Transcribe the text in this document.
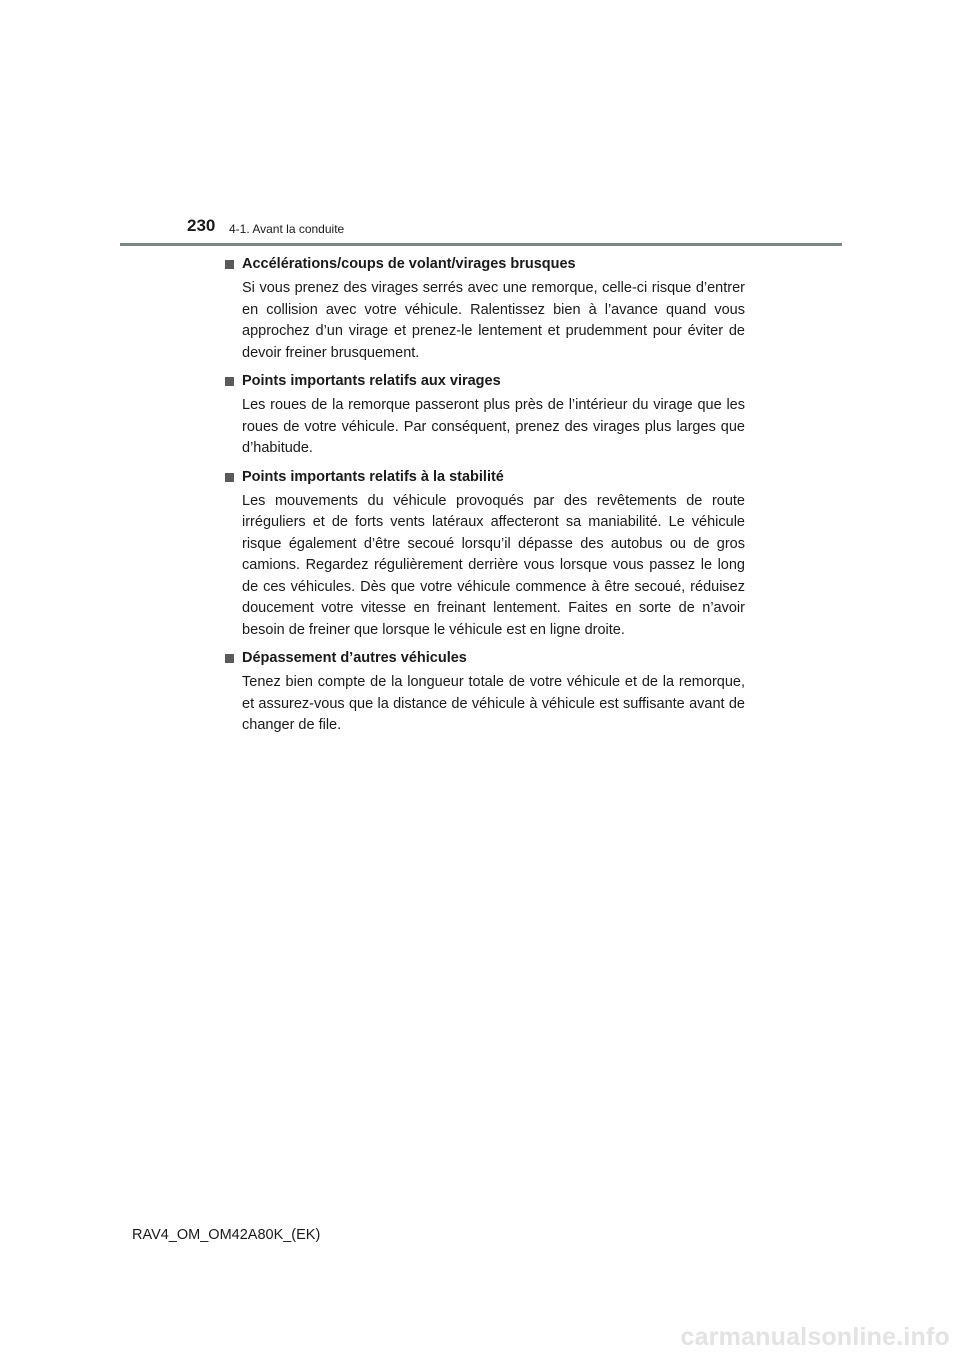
230 4-1. Avant la conduite
Accélérations/coups de volant/virages brusques
Si vous prenez des virages serrés avec une remorque, celle-ci risque d’entrer en collision avec votre véhicule. Ralentissez bien à l’avance quand vous approchez d’un virage et prenez-le lentement et prudemment pour éviter de devoir freiner brusquement.
Points importants relatifs aux virages
Les roues de la remorque passeront plus près de l’intérieur du virage que les roues de votre véhicule. Par conséquent, prenez des virages plus larges que d’habitude.
Points importants relatifs à la stabilité
Les mouvements du véhicule provoqués par des revêtements de route irréguliers et de forts vents latéraux affecteront sa maniabilité. Le véhicule risque également d’être secoué lorsqu’il dépasse des autobus ou de gros camions. Regardez régulièrement derrière vous lorsque vous passez le long de ces véhicules. Dès que votre véhicule commence à être secoué, réduisez doucement votre vitesse en freinant lentement. Faites en sorte de n’avoir besoin de freiner que lorsque le véhicule est en ligne droite.
Dépassement d’autres véhicules
Tenez bien compte de la longueur totale de votre véhicule et de la remorque, et assurez-vous que la distance de véhicule à véhicule est suffisante avant de changer de file.
RAV4_OM_OM42A80K_(EK)
carmanualsonline.info
